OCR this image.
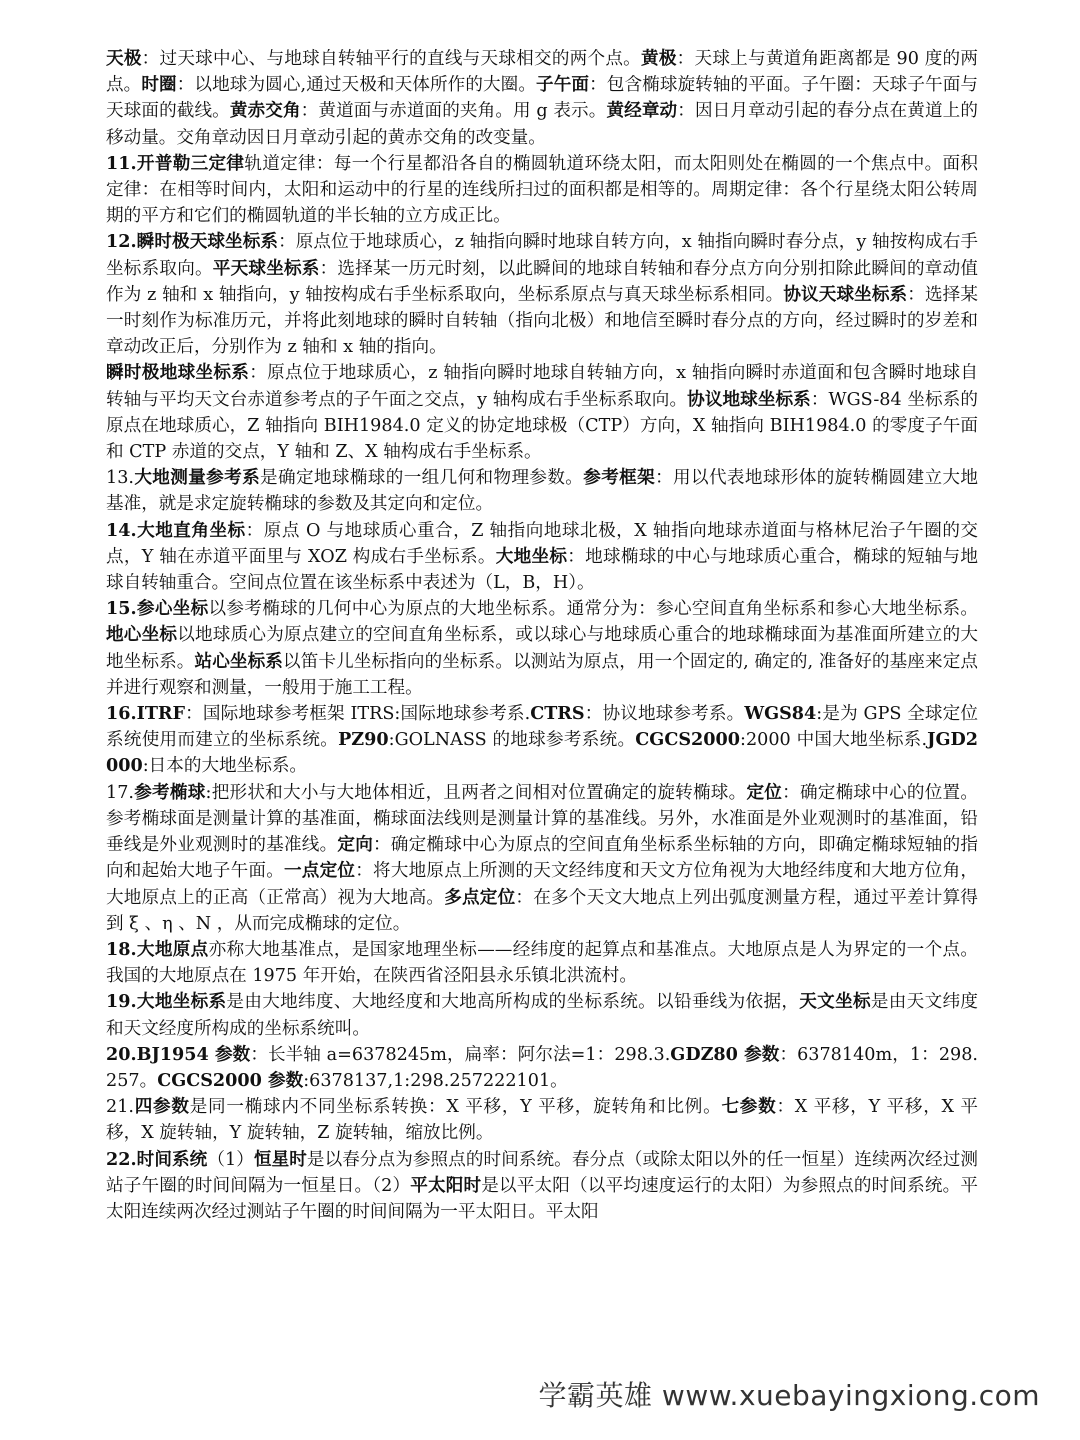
天极：过天球中心、与地球自转轴平行的直线与天球相交的两个点。黄极：天球上与黄道角距离都是 90 度的两点。时圈：以地球为圆心,通过天极和天体所作的大圈。子午面：包含椭球旋转轴的平面。子午圈：天球子午面与天球面的截线。黄赤交角：黄道面与赤道面的夹角。用 g 表示。黄经章动：因日月章动引起的春分点在黄道上的移动量。交角章动因日月章动引起的黄赤交角的改变量。

11.开普勒三定律轨道定律：每一个行星都沿各自的椭圆轨道环绕太阳，而太阳则处在椭圆的一个焦点中。面积定律：在相等时间内，太阳和运动中的行星的连线所扫过的面积都是相等的。周期定律：各个行星绕太阳公转周期的平方和它们的椭圆轨道的半长轴的立方成正比。

12.瞬时极天球坐标系：原点位于地球质心，z 轴指向瞬时地球自转方向，x 轴指向瞬时春分点，y 轴按构成右手坐标系取向。平天球坐标系：选择某一历元时刻，以此瞬间的地球自转轴和春分点方向分别扣除此瞬间的章动值作为 z 轴和 x 轴指向，y 轴按构成右手坐标系取向，坐标系原点与真天球坐标系相同。协议天球坐标系：选择某一时刻作为标准历元，并将此刻地球的瞬时自转轴（指向北极）和地信至瞬时春分点的方向，经过瞬时的岁差和章动改正后，分别作为 z 轴和 x 轴的指向。

瞬时极地球坐标系：原点位于地球质心，z 轴指向瞬时地球自转轴方向，x 轴指向瞬时赤道面和包含瞬时地球自转轴与平均天文台赤道参考点的子午面之交点，y 轴构成右手坐标系取向。协议地球坐标系：WGS-84 坐标系的原点在地球质心，Z 轴指向 BIH1984.0 定义的协定地球极（CTP）方向，X 轴指向 BIH1984.0 的零度子午面和 CTP 赤道的交点，Y 轴和 Z、X 轴构成右手坐标系。

13.大地测量参考系是确定地球椭球的一组几何和物理参数。参考框架：用以代表地球形体的旋转椭圆建立大地基准，就是求定旋转椭球的参数及其定向和定位。

14.大地直角坐标：原点 O 与地球质心重合，Z 轴指向地球北极，X 轴指向地球赤道面与格林尼治子午圈的交点，Y 轴在赤道平面里与 XOZ 构成右手坐标系。大地坐标：地球椭球的中心与地球质心重合，椭球的短轴与地球自转轴重合。空间点位置在该坐标系中表述为（L，B，H）。

15.参心坐标以参考椭球的几何中心为原点的大地坐标系。通常分为：参心空间直角坐标系和参心大地坐标系。地心坐标以地球质心为原点建立的空间直角坐标系，或以球心与地球质心重合的地球椭球面为基准面所建立的大地坐标系。站心坐标系以笛卡儿坐标指向的坐标系。以测站为原点，用一个固定的, 确定的, 准备好的基座来定点并进行观察和测量，一般用于施工工程。

16.ITRF：国际地球参考框架 ITRS:国际地球参考系.CTRS：协议地球参考系。WGS84:是为 GPS 全球定位系统使用而建立的坐标系统。PZ90:GOLNASS 的地球参考系统。CGCS2000:2000 中国大地坐标系.JGD2000:日本的大地坐标系。

17.参考椭球:把形状和大小与大地体相近，且两者之间相对位置确定的旋转椭球。定位：确定椭球中心的位置。参考椭球面是测量计算的基准面，椭球面法线则是测量计算的基准线。另外，水准面是外业观测时的基准面，铅垂线是外业观测时的基准线。定向：确定椭球中心为原点的空间直角坐标系坐标轴的方向，即确定椭球短轴的指向和起始大地子午面。一点定位：将大地原点上所测的天文经纬度和天文方位角视为大地经纬度和大地方位角，大地原点上的正高（正常高）视为大地高。多点定位：在多个天文大地点上列出弧度测量方程，通过平差计算得到 ξ 、η 、N ，从而完成椭球的定位。

18.大地原点亦称大地基准点，是国家地理坐标——经纬度的起算点和基准点。大地原点是人为界定的一个点。我国的大地原点在 1975 年开始，在陕西省泾阳县永乐镇北洪流村。

19.大地坐标系是由大地纬度、大地经度和大地高所构成的坐标系统。以铅垂线为依据，天文坐标是由天文纬度和天文经度所构成的坐标系统叫。

20.BJ1954 参数：长半轴 a=6378245m，扁率：阿尔法=1：298.3.GDZ80 参数：6378140m，1：298.257。CGCS2000 参数:6378137,1:298.257222101。

21.四参数是同一椭球内不同坐标系转换：X 平移，Y 平移，旋转角和比例。七参数：X 平移，Y 平移，X 平移，X 旋转轴，Y 旋转轴，Z 旋转轴，缩放比例。

22.时间系统（1）恒星时是以春分点为参照点的时间系统。春分点（或除太阳以外的任一恒星）连续两次经过测站子午圈的时间间隔为一恒星日。（2）平太阳时是以平太阳（以平均速度运行的太阳）为参照点的时间系统。平太阳连续两次经过测站子午圈的时间间隔为一平太阳日。平太阳

学霸英雄 www.xuebayingxiong.com
